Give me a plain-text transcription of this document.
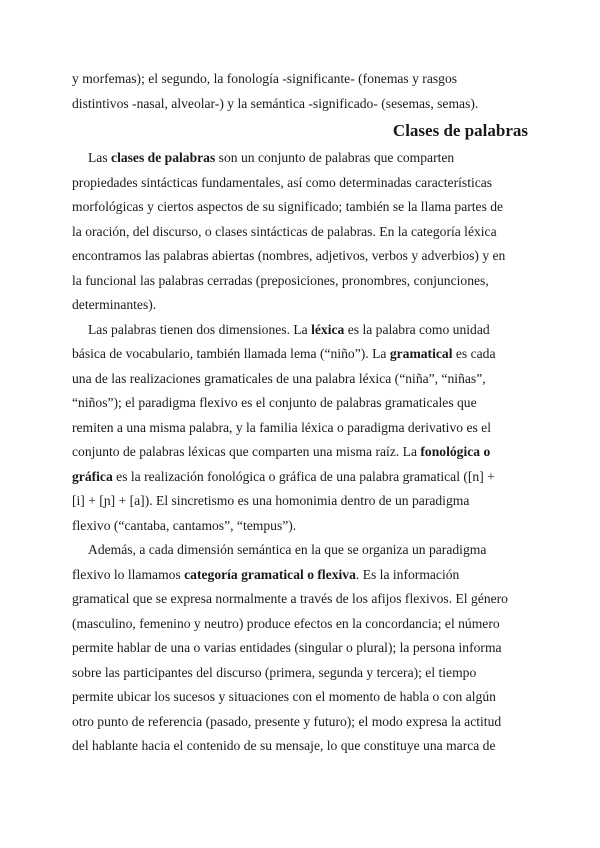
y morfemas); el segundo, la fonología -significante- (fonemas y rasgos
distintivos -nasal, alveolar-) y la semántica -significado- (sesemas, semas).
Clases de palabras
Las clases de palabras son un conjunto de palabras que comparten
propiedades sintácticas fundamentales, así como determinadas características
morfológicas y ciertos aspectos de su significado; también se la llama partes de
la oración, del discurso, o clases sintácticas de palabras. En la categoría léxica
encontramos las palabras abiertas (nombres, adjetivos, verbos y adverbios) y en
la funcional las palabras cerradas (preposiciones, pronombres, conjunciones,
determinantes).
Las palabras tienen dos dimensiones. La léxica es la palabra como unidad
básica de vocabulario, también llamada lema (“niño”). La gramatical es cada
una de las realizaciones gramaticales de una palabra léxica (“niña”, “niñas”,
“niños”); el paradigma flexivo es el conjunto de palabras gramaticales que
remiten a una misma palabra, y la familia léxica o paradigma derivativo es el
conjunto de palabras léxicas que comparten una misma raíz. La fonológica o
gráfica es la realización fonológica o gráfica de una palabra gramatical ([n] +
[i] + [ɲ] + [a]). El sincretismo es una homonimia dentro de un paradigma
flexivo (“cantaba, cantamos”, “tempus”).
Además, a cada dimensión semántica en la que se organiza un paradigma
flexivo lo llamamos categoría gramatical o flexiva. Es la información
gramatical que se expresa normalmente a través de los afijos flexivos. El género
(masculino, femenino y neutro) produce efectos en la concordancia; el número
permite hablar de una o varias entidades (singular o plural); la persona informa
sobre las participantes del discurso (primera, segunda y tercera); el tiempo
permite ubicar los sucesos y situaciones con el momento de habla o con algún
otro punto de referencia (pasado, presente y futuro); el modo expresa la actitud
del hablante hacia el contenido de su mensaje, lo que constituye una marca de
